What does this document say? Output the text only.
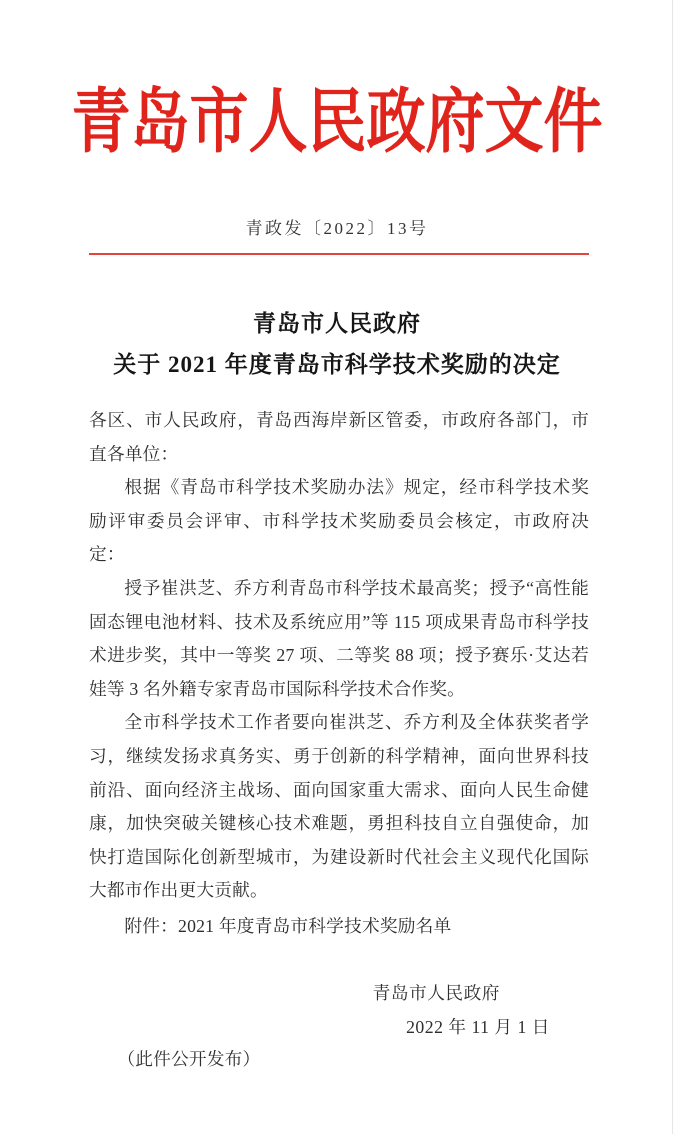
青岛市人民政府文件
青政发〔2022〕13号
青岛市人民政府
关于 2021 年度青岛市科学技术奖励的决定

各区、市人民政府，青岛西海岸新区管委，市政府各部门，市直各单位：

根据《青岛市科学技术奖励办法》规定，经市科学技术奖励评审委员会评审、市科学技术奖励委员会核定，市政府决定：

授予崔洪芝、乔方利青岛市科学技术最高奖；授予“高性能固态锂电池材料、技术及系统应用”等 115 项成果青岛市科学技术进步奖，其中一等奖 27 项、二等奖 88 项；授予赛乐·艾达若娃等 3 名外籍专家青岛市国际科学技术合作奖。

全市科学技术工作者要向崔洪芝、乔方利及全体获奖者学习，继续发扬求真务实、勇于创新的科学精神，面向世界科技前沿、面向经济主战场、面向国家重大需求、面向人民生命健康，加快突破关键核心技术难题，勇担科技自立自强使命，加快打造国际化创新型城市，为建设新时代社会主义现代化国际大都市作出更大贡献。

附件：2021 年度青岛市科学技术奖励名单
青岛市人民政府
2022 年 11 月 1 日
（此件公开发布）
